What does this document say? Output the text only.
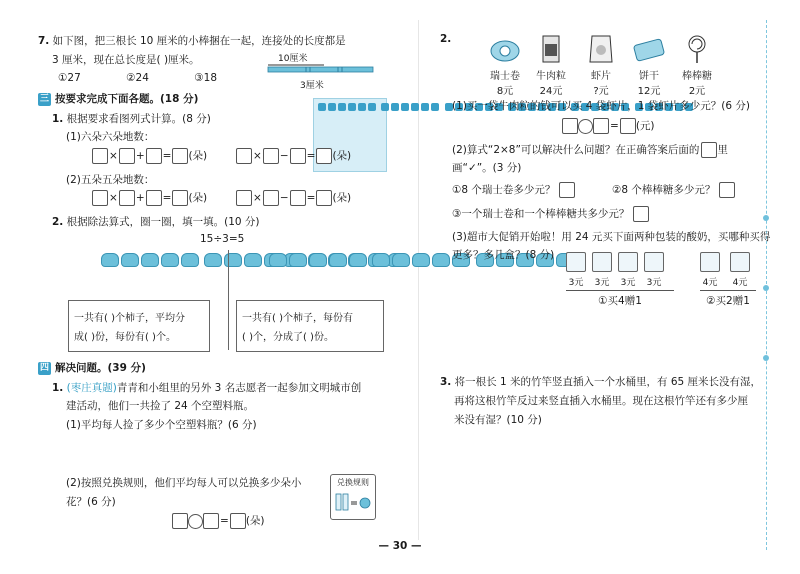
7. 如下图，把三根长 10 厘米的小棒捆在一起，连接处的长度都是
3 厘米，现在总长度是( )厘米。
①27	②24	③18
10厘米
3厘米
三 按要求完成下面各题。(18 分)
1. 根据要求看图列式计算。(8 分)
(1)六朵六朵地数：

× + = (朵)	× − = (朵)
(2)五朵五朵地数：
× + = (朵)	× − = (朵)
2. 根据除法算式，圈一圈，填一填。(10 分)
15÷3=5

一共有( )个柿子，平均分
成( )份，每份有( )个。
一共有( )个柿子，每份有
( )个，分成了( )份。
四 解决问题。(39 分)
1. (枣庄真题)青青和小组里的另外 3 名志愿者一起参加文明城市创
建活动，他们一共捡了 24 个空塑料瓶。
(1)平均每人捡了多少个空塑料瓶？(6 分)
(2)按照兑换规则，他们平均每人可以兑换多少朵小
花？(6 分)
兑换规则
= (朵)
2.
瑞士卷
8元
牛肉粒
24元
虾片
?元
饼干
12元
棒棒糖
2元
(1)买一袋牛肉粒的钱可以买 4 袋虾片，1 袋虾片多少元？(6 分)
= (元)
(2)算式“2×8”可以解决什么问题？在正确答案后面的 里
画“✓”。(3 分)
①8 个瑞士卷多少元？	②8 个棒棒糖多少元？
③一个瑞士卷和一个棒棒糖共多少元？
(3)超市大促销开始啦！用 24 元买下面两种包装的酸奶，买哪种买得
更多？多几盒？(8 分)
3元 3元 3元 3元
①买4赠1
4元 4元
②买2赠1
3. 将一根长 1 米的竹竿竖直插入一个水桶里，有 65 厘米长没有湿，
再将这根竹竿反过来竖直插入水桶里。现在这根竹竿还有多少厘
米没有湿？(10 分)
— 30 —
